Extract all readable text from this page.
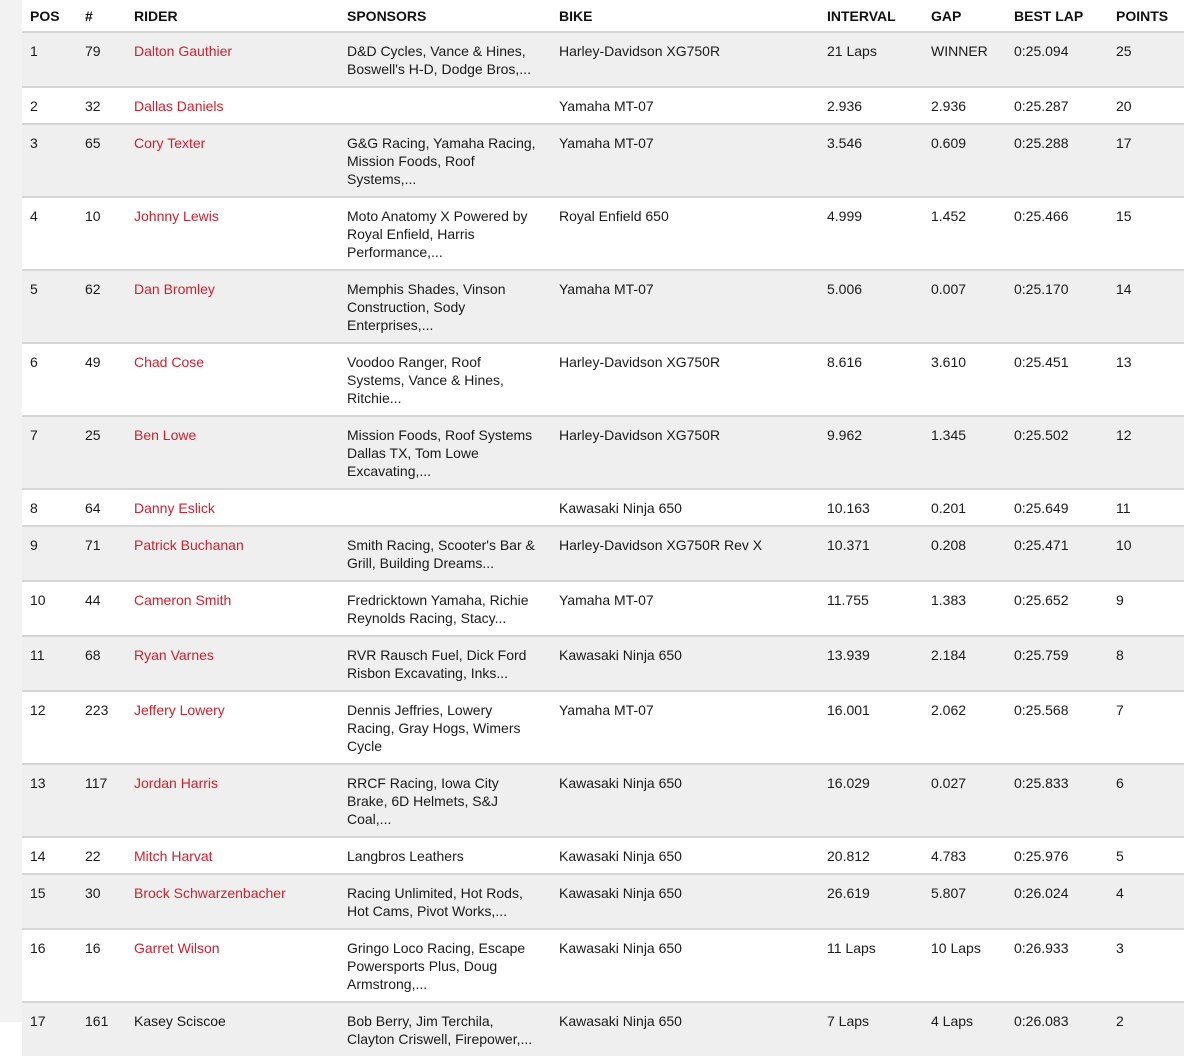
POS	#	RIDER	SPONSORS	BIKE	INTERVAL	GAP	BEST LAP	POINTS
1	79	Dalton Gauthier	D&D Cycles, Vance & Hines, Boswell's H-D, Dodge Bros,...	Harley-Davidson XG750R	21 Laps	WINNER	0:25.094	25
2	32	Dallas Daniels		Yamaha MT-07	2.936	2.936	0:25.287	20
3	65	Cory Texter	G&G Racing, Yamaha Racing, Mission Foods, Roof Systems,...	Yamaha MT-07	3.546	0.609	0:25.288	17
4	10	Johnny Lewis	Moto Anatomy X Powered by Royal Enfield, Harris Performance,...	Royal Enfield 650	4.999	1.452	0:25.466	15
5	62	Dan Bromley	Memphis Shades, Vinson Construction, Sody Enterprises,...	Yamaha MT-07	5.006	0.007	0:25.170	14
6	49	Chad Cose	Voodoo Ranger, Roof Systems, Vance & Hines, Ritchie...	Harley-Davidson XG750R	8.616	3.610	0:25.451	13
7	25	Ben Lowe	Mission Foods, Roof Systems Dallas TX, Tom Lowe Excavating,...	Harley-Davidson XG750R	9.962	1.345	0:25.502	12
8	64	Danny Eslick		Kawasaki Ninja 650	10.163	0.201	0:25.649	11
9	71	Patrick Buchanan	Smith Racing, Scooter's Bar & Grill, Building Dreams...	Harley-Davidson XG750R Rev X	10.371	0.208	0:25.471	10
10	44	Cameron Smith	Fredricktown Yamaha, Richie Reynolds Racing, Stacy...	Yamaha MT-07	11.755	1.383	0:25.652	9
11	68	Ryan Varnes	RVR Rausch Fuel, Dick Ford Risbon Excavating, Inks...	Kawasaki Ninja 650	13.939	2.184	0:25.759	8
12	223	Jeffery Lowery	Dennis Jeffries, Lowery Racing, Gray Hogs, Wimers Cycle	Yamaha MT-07	16.001	2.062	0:25.568	7
13	117	Jordan Harris	RRCF Racing, Iowa City Brake, 6D Helmets, S&J Coal,...	Kawasaki Ninja 650	16.029	0.027	0:25.833	6
14	22	Mitch Harvat	Langbros Leathers	Kawasaki Ninja 650	20.812	4.783	0:25.976	5
15	30	Brock Schwarzenbacher	Racing Unlimited, Hot Rods, Hot Cams, Pivot Works,...	Kawasaki Ninja 650	26.619	5.807	0:26.024	4
16	16	Garret Wilson	Gringo Loco Racing, Escape Powersports Plus, Doug Armstrong,...	Kawasaki Ninja 650	11 Laps	10 Laps	0:26.933	3
17	161	Kasey Sciscoe	Bob Berry, Jim Terchila, Clayton Criswell, Firepower,...	Kawasaki Ninja 650	7 Laps	4 Laps	0:26.083	2
